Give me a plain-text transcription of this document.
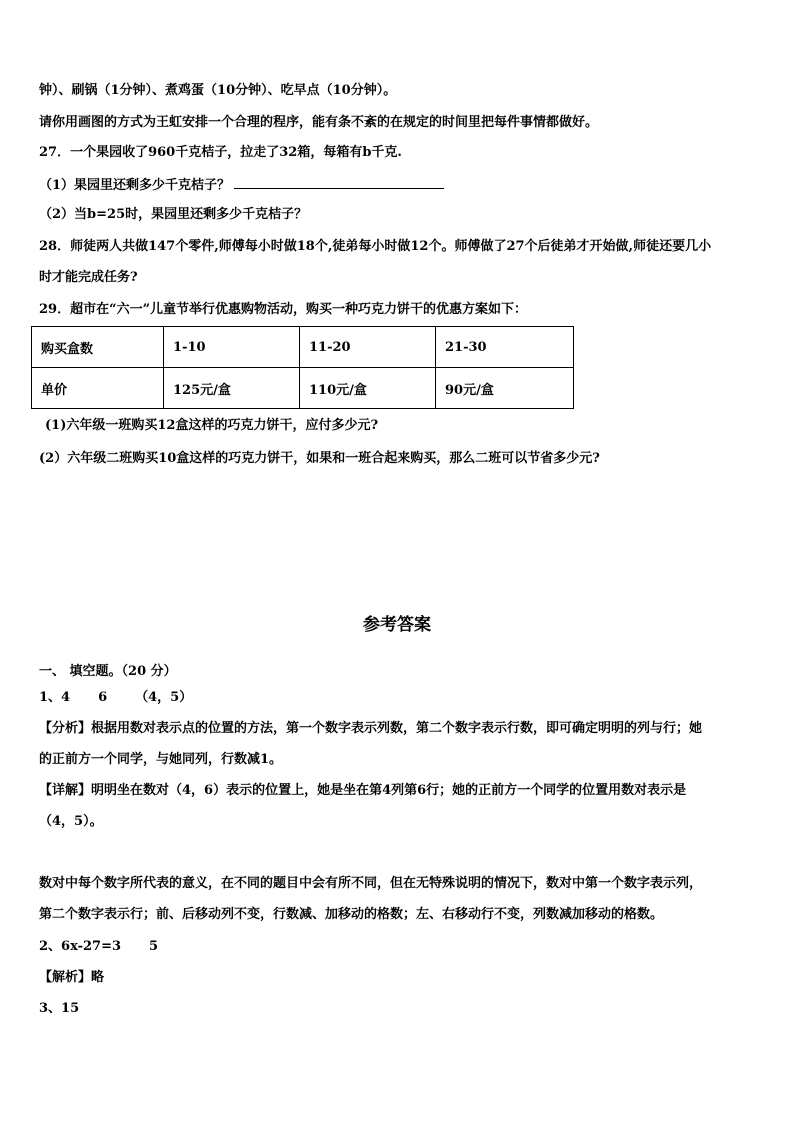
钟）、刷锅（1分钟）、煮鸡蛋（10分钟）、吃早点（10分钟）。
请你用画图的方式为王虹安排一个合理的程序，能有条不紊的在规定的时间里把每件事情都做好。
27．一个果园收了960千克桔子，拉走了32箱，每箱有b千克.
（1）果园里还剩多少千克桔子？
（2）当b=25时，果园里还剩多少千克桔子？
28．师徒两人共做147个零件,师傅每小时做18个,徒弟每小时做12个。师傅做了27个后徒弟才开始做,师徒还要几小
时才能完成任务?
29．超市在“六一”儿童节举行优惠购物活动，购买一种巧克力饼干的优惠方案如下：
购买盒数	1-10	11-20	21-30
单价	125元/盒	110元/盒	90元/盒
(1)六年级一班购买12盒这样的巧克力饼干，应付多少元?
(2）六年级二班购买10盒这样的巧克力饼干，如果和一班合起来购买，那么二班可以节省多少元?
参考答案
一、 填空题。（20 分）
1、4 6 （4，5）
【分析】根据用数对表示点的位置的方法，第一个数字表示列数，第二个数字表示行数，即可确定明明的列与行；她
的正前方一个同学，与她同列，行数减1。
【详解】明明坐在数对（4，6）表示的位置上，她是坐在第4列第6行；她的正前方一个同学的位置用数对表示是
（4，5）。
数对中每个数字所代表的意义，在不同的题目中会有所不同，但在无特殊说明的情况下，数对中第一个数字表示列，
第二个数字表示行；前、后移动列不变，行数减、加移动的格数；左、右移动行不变，列数减加移动的格数。
2、6x-27=3 5
【解析】略
3、15
